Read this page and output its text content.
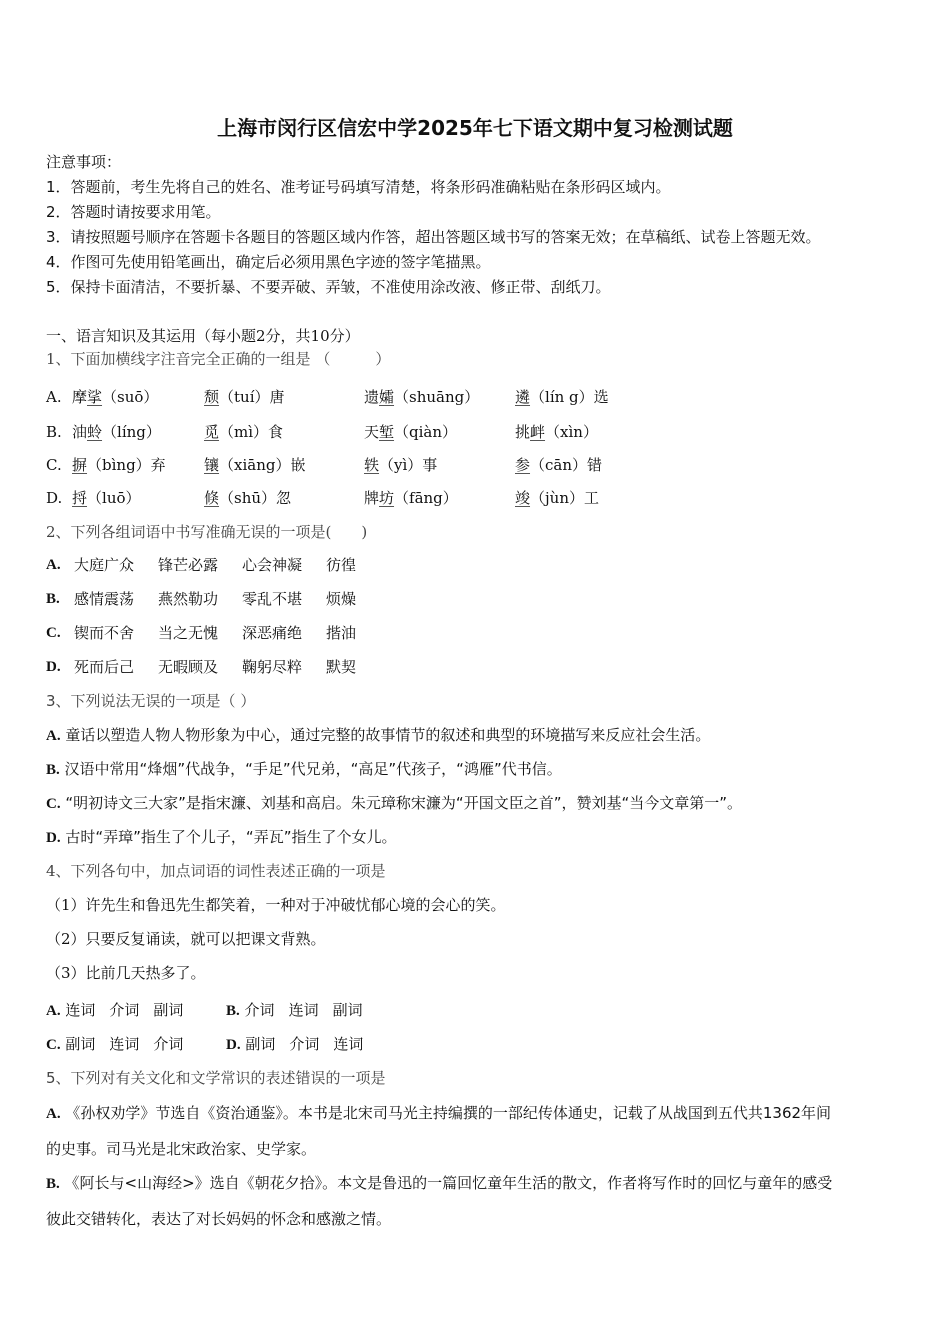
上海市闵行区信宏中学2025年七下语文期中复习检测试题
注意事项：
1．答题前，考生先将自己的姓名、准考证号码填写清楚，将条形码准确粘贴在条形码区域内。
2．答题时请按要求用笔。
3．请按照题号顺序在答题卡各题目的答题区域内作答，超出答题区域书写的答案无效；在草稿纸、试卷上答题无效。
4．作图可先使用铅笔画出，确定后必须用黑色字迹的签字笔描黑。
5．保持卡面清洁，不要折暴、不要弄破、弄皱，不准使用涂改液、修正带、刮纸刀。
一、语言知识及其运用（每小题2分，共10分）
1、下面加横线字注音完全正确的一组是 （　　　）
A. 摩挲（suō）	颓（tuí）唐	遗孀（shuāng） 遴（lín g）选
B. 油蛉（líng）	觅（mì）食	天堑（qiàn）	挑衅（xìn）
C. 摒（bìng）弃	镶（xiāng）嵌	轶（yì）事	参（cān）错
D. 捋（luō）	倏（shū）忽	牌坊（fāng）	竣（jùn）工
2、下列各组词语中书写准确无误的一项是(　　)
A. 大庭广众 锋芒必露 心会神凝 彷徨
B. 感情震荡 燕然勒功 零乱不堪 烦燥
C. 锲而不舍 当之无愧 深恶痛绝 揩油
D. 死而后己 无暇顾及 鞠躬尽粹 默契
3、下列说法无误的一项是（ ）
A. 童话以塑造人物人物形象为中心，通过完整的故事情节的叙述和典型的环境描写来反应社会生活。
B. 汉语中常用“烽烟”代战争，“手足”代兄弟，“高足”代孩子，“鸿雁”代书信。
C. “明初诗文三大家”是指宋濂、刘基和高启。朱元璋称宋濂为“开国文臣之首”，赞刘基“当今文章第一”。
D. 古时“弄璋”指生了个儿子，“弄瓦”指生了个女儿。
4、下列各句中，加点词语的词性表述正确的一项是
（1）许先生和鲁迅先生都笑着，一种对于冲破忧郁心境的会心的笑。
（2）只要反复诵读，就可以把课文背熟。
（3）比前几天热多了。
A. 连词 介词 副词	B. 介词 连词 副词
C. 副词 连词 介词	D. 副词 介词 连词
5、下列对有关文化和文学常识的表述错误的一项是
A. 《孙权劝学》节选自《资治通鉴》。本书是北宋司马光主持编撰的一部纪传体通史，记载了从战国到五代共1362年间
的史事。司马光是北宋政治家、史学家。
B. 《阿长与<山海经>》选自《朝花夕拾》。本文是鲁迅的一篇回忆童年生活的散文，作者将写作时的回忆与童年的感受
彼此交错转化，表达了对长妈妈的怀念和感激之情。
